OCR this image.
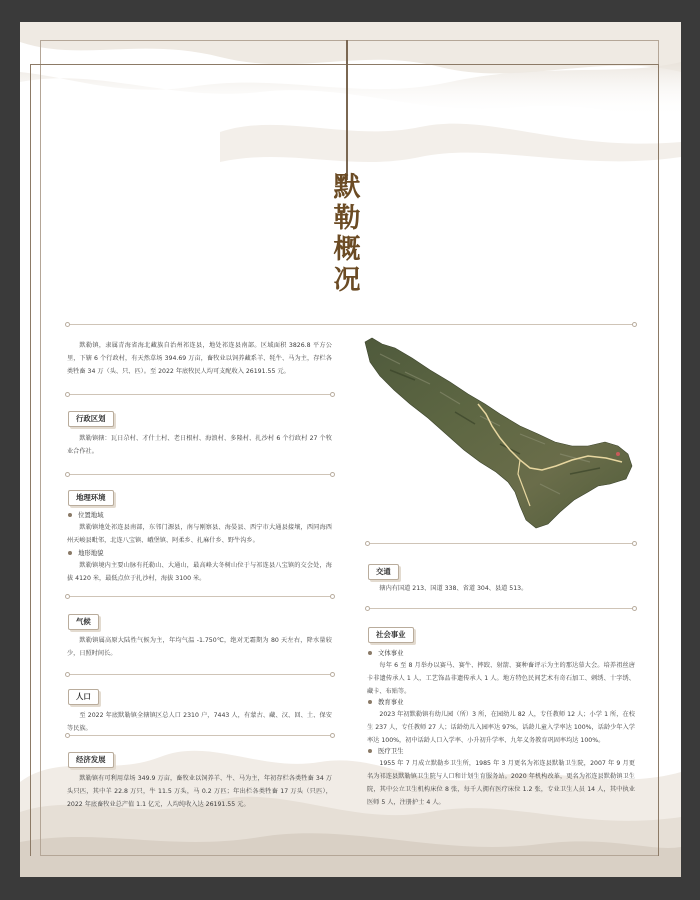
默
勒
概
况
默勒镇，隶属青海省海北藏族自治州祁连县，地处祁连县南部。区域面积 3826.8 平方公里，下辖 6 个行政村，有天然草场 394.69 万亩，畜牧业以饲养藏系羊、牦牛、马为主，存栏各类牲畜 34 万（头、只、匹）。至 2022 年底牧民人均可支配收入 26191.55 元。
行政区划
默勒镇辖：瓦日尕村、才什土村、老日根村、海浪村、多隆村、扎沙村 6 个行政村 27 个牧业合作社。
地理环境
位置地域
默勒镇地处祁连县南部，东邻门源县，南与刚察县、海晏县、西宁市大通县接壤，西同海西州天峻县毗邻，北连八宝镇、峨堡镇、阿柔乡、扎麻什乡、野牛沟乡。
地形地貌
默勒镇境内主要山脉有托勒山、大通山，最高峰大冬树山位于与祁连县八宝镇的交会处，海拔 4120 米，最低点位于扎沙村，海拔 3100 米。
气候
默勒镇属高原大陆性气候为主，年均气温 -1.750℃，绝对无霜期为 80 天左右，降水量较少，日照时间长。
人口
至 2022 年底默勒镇全辖镇区总人口 2310 户，7443 人，有蒙古、藏、汉、回、土、保安等民族。
经济发展
默勒镇有可利用草场 349.9 万亩，畜牧业以饲养羊、牛、马为主，年初存栏各类牲畜 34 万头只匹，其中羊 22.8 万只，牛 11.5 万头，马 0.2 万匹；年出栏各类牲畜 17 万头（只匹），2022 年底畜牧业总产值 1.1 亿元，人均纯收入达 26191.55 元。
交通
辖内有国道 213、国道 338、省道 304、县道 513。
社会事业
文体事业
每年 6 至 8 月举办以赛马、赛牛、摔跤、射箭、赛种畜评示为主的那达慕大会。培养祖丝唐卡非遗传承人 1 人，工艺饰品非遗传承人 1 人。地方特色民间艺术有奇石加工、刺绣、十字绣、藏卡、布贴等。
教育事业
2023 年初默勒镇有幼儿园（所）3 所，在园幼儿 82 人，专任教师 12 人；小学 1 所，在校生 237 人，专任教师 27 人；话龄幼儿入园率达 97%，话龄儿童入学率达 100%，话龄少年入学率达 100%，初中话龄人口入学率、小升初升学率、九年义务教育巩固率均达 100%。
医疗卫生
1955 年 7 月成立默勒乡卫生所，1985 年 3 月更名为祁连县默勒卫生院，2007 年 9 月更名为祁连县默勒镇卫生院与人口和计划生育服务站。2020 年机构改革，更名为祁连县默勒镇卫生院，其中公立卫生机构床位 8 张，每千人拥有医疗床位 1.2 张，专业卫生人员 14 人，其中执业医师 5 人，注册护士 4 人。
